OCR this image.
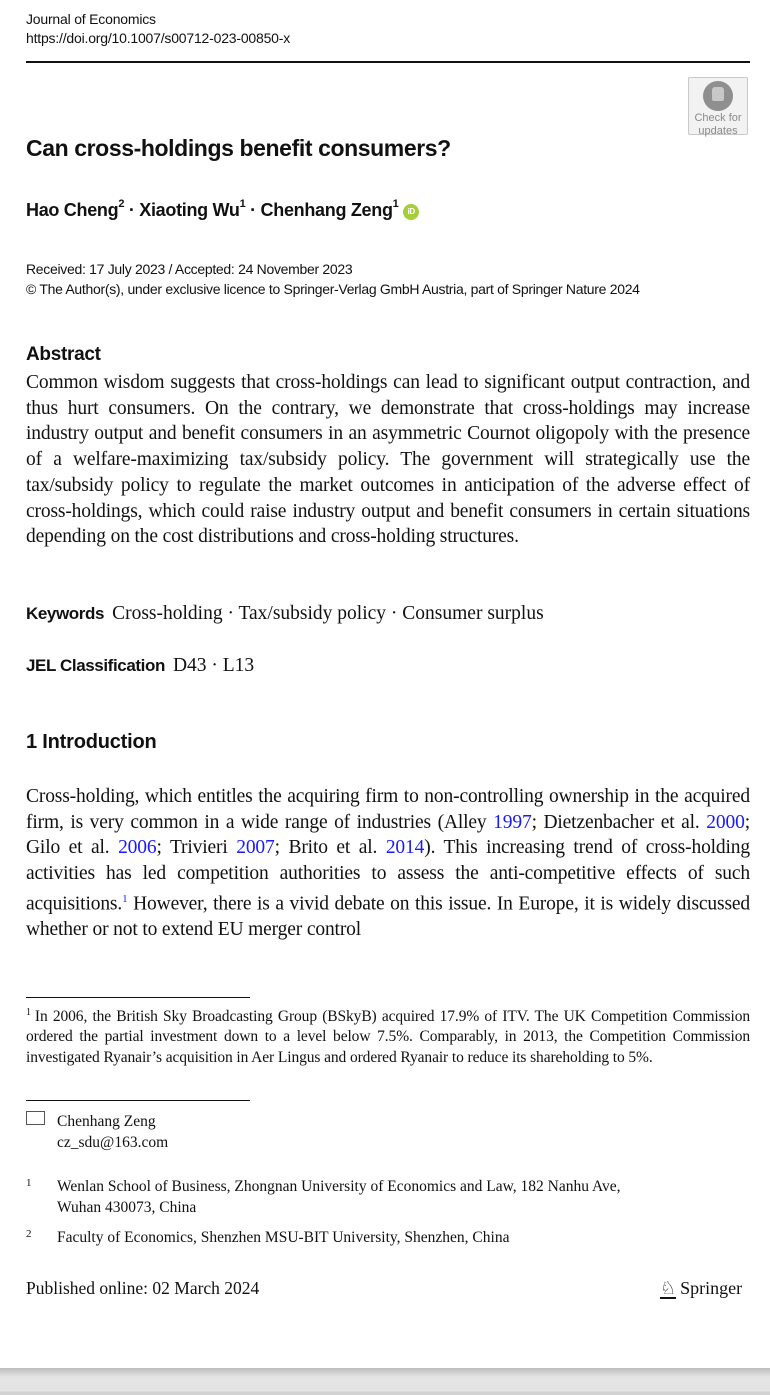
Journal of Economics
https://doi.org/10.1007/s00712-023-00850-x
Check for
updates
Can cross-holdings benefit consumers?
Hao Cheng$^2$ · Xiaoting $Wu^1$ · Chenhang Zeng$^1$ iD
Received: 17 July 2023 / Accepted: 24 November 2023
© The Author(s), under exclusive licence to Springer-Verlag GmbH Austria, part of Springer Nature 2024
Abstract
Common wisdom suggests that cross-holdings can lead to significant output contraction, and thus hurt consumers. On the contrary, we demonstrate that cross-holdings may increase industry output and benefit consumers in an asymmetric Cournot oligopoly with the presence of a welfare-maximizing tax/subsidy policy. The government will strategically use the tax/subsidy policy to regulate the market outcomes in anticipation of the adverse effect of cross-holdings, which could raise industry output and benefit consumers in certain situations depending on the cost distributions and cross-holding structures.
Keywords Cross-holding · Tax/subsidy policy · Consumer surplus
JEL Classification D43 · L13
1 Introduction
Cross-holding, which entitles the acquiring firm to non-controlling ownership in the acquired firm, is very common in a wide range of industries (Alley 1997; Dietzenbacher et al. 2000; Gilo et al. 2006; Trivieri 2007; Brito et al. 2014). This increasing trend of cross-holding activities has led competition authorities to assess the anti-competitive effects of such acquisitions.$^1$ However, there is a vivid debate on this issue. In Europe, it is widely discussed whether or not to extend EU merger control
$^1$ In 2006, the British Sky Broadcasting Group (BSkyB) acquired 17.9% of ITV. The UK Competition Commission ordered the partial investment down to a level below 7.5%. Comparably, in 2013, the Competition Commission investigated Ryanair’s acquisition in Aer Lingus and ordered Ryanair to reduce its shareholding to 5%.
Chenhang Zeng
cz_sdu@163.com
1 Wenlan School of Business, Zhongnan University of Economics and Law, 182 Nanhu Ave,
Wuhan 430073, China
2 Faculty of Economics, Shenzhen MSU-BIT University, Shenzhen, China
Published online: 02 March 2024	♘ Springer
